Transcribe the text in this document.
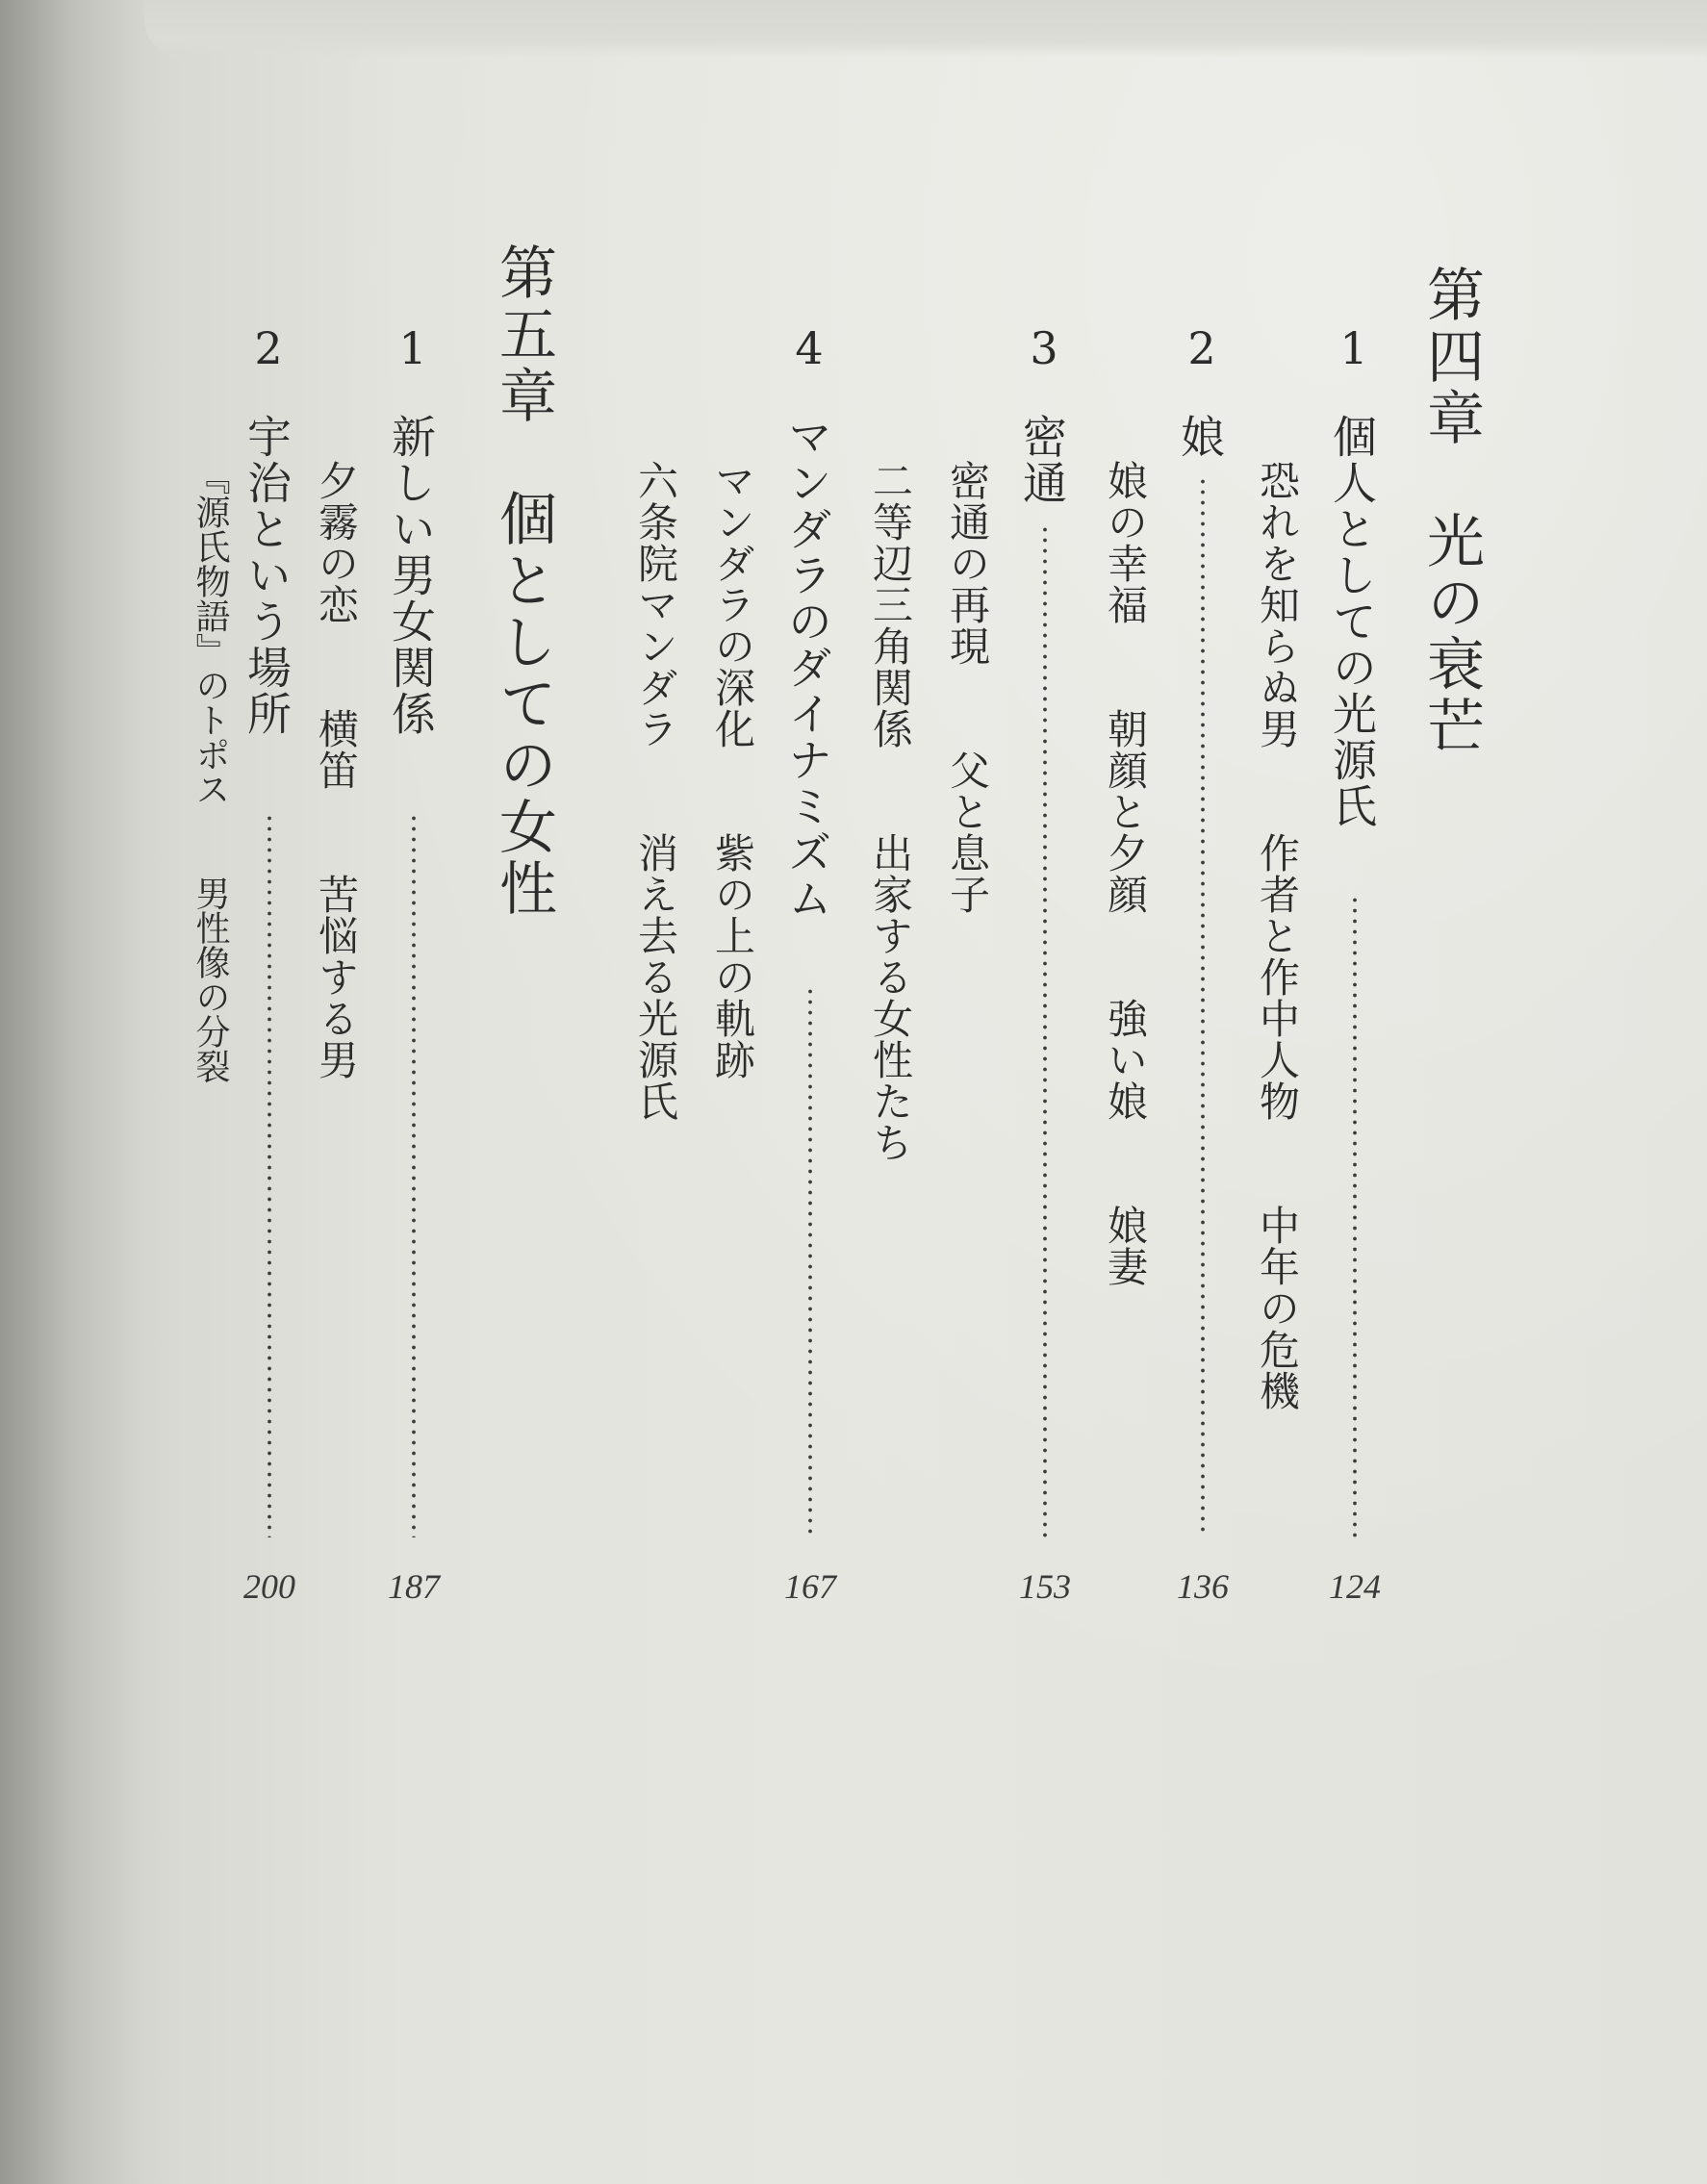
第四章　光の衰芒
1
個人としての光源氏
124
恐れを知らぬ男　　作者と作中人物　　中年の危機
2
娘
136
娘の幸福　　朝顔と夕顔　　強い娘　　娘妻
3
密通
153
密通の再現　　父と息子
二等辺三角関係　　出家する女性たち
4
マンダラのダイナミズム
167
マンダラの深化　　紫の上の軌跡
六条院マンダラ　　消え去る光源氏
第五章　個としての女性
1
新しい男女関係
187
夕霧の恋　　横笛　　苦悩する男
2
宇治という場所
200
『源氏物語』のトポス　　男性像の分裂
